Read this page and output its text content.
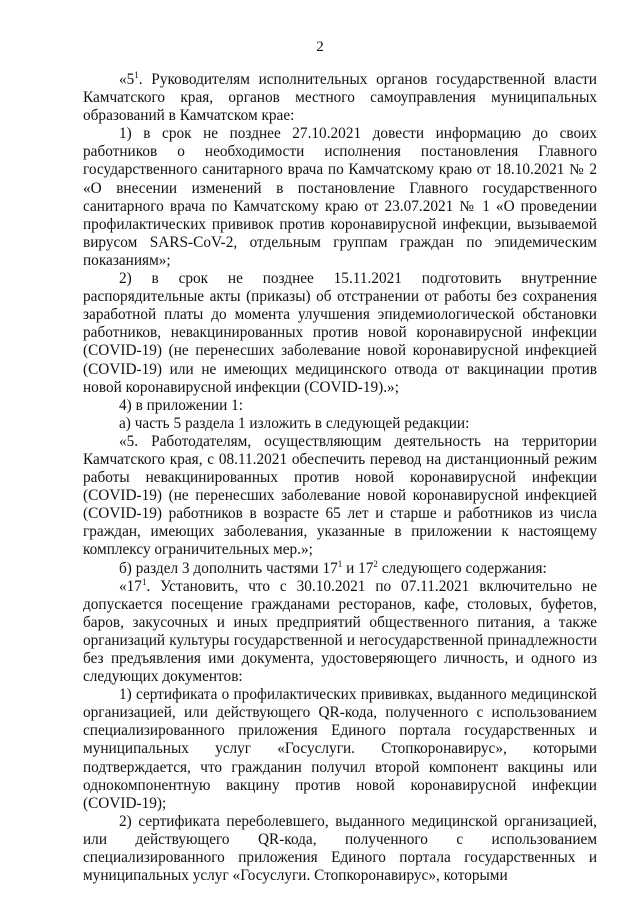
2

«$5^1$. Руководителям исполнительных органов государственной власти Камчатского края, органов местного самоуправления муниципальных образований в Камчатском крае:

1) в срок не позднее 27.10.2021 довести информацию до своих работников о необходимости исполнения постановления Главного государственного санитарного врача по Камчатскому краю от 18.10.2021 № 2 «О внесении изменений в постановление Главного государственного санитарного врача по Камчатскому краю от 23.07.2021 № 1 «О проведении профилактических прививок против коронавирусной инфекции, вызываемой вирусом SARS-CoV-2, отдельным группам граждан по эпидемическим показаниям»;

2) в срок не позднее 15.11.2021 подготовить внутренние распорядительные акты (приказы) об отстранении от работы без сохранения заработной платы до момента улучшения эпидемиологической обстановки работников, невакцинированных против новой коронавирусной инфекции (COVID-19) (не перенесших заболевание новой коронавирусной инфекцией (COVID-19) или не имеющих медицинского отвода от вакцинации против новой коронавирусной инфекции (COVID-19).»;

4) в приложении 1:

а) часть 5 раздела 1 изложить в следующей редакции:

«5. Работодателям, осуществляющим деятельность на территории Камчатского края, с 08.11.2021 обеспечить перевод на дистанционный режим работы невакцинированных против новой коронавирусной инфекции (COVID-19) (не перенесших заболевание новой коронавирусной инфекцией (COVID-19) работников в возрасте 65 лет и старше и работников из числа граждан, имеющих заболевания, указанные в приложении к настоящему комплексу ограничительных мер.»;

б) раздел 3 дополнить частями $17^1$ и $17^2$ следующего содержания:

«$17^1$. Установить, что с 30.10.2021 по 07.11.2021 включительно не допускается посещение гражданами ресторанов, кафе, столовых, буфетов, баров, закусочных и иных предприятий общественного питания, а также организаций культуры государственной и негосударственной принадлежности без предъявления ими документа, удостоверяющего личность, и одного из следующих документов:

1) сертификата о профилактических прививках, выданного медицинской организацией, или действующего QR-кода, полученного с использованием специализированного приложения Единого портала государственных и муниципальных услуг «Госуслуги. Стопкоронавирус», которыми подтверждается, что гражданин получил второй компонент вакцины или однокомпонентную вакцину против новой коронавирусной инфекции (COVID-19);

2) сертификата переболевшего, выданного медицинской организацией, или действующего QR-кода, полученного с использованием специализированного приложения Единого портала государственных и муниципальных услуг «Госуслуги. Стопкоронавирус», которыми
